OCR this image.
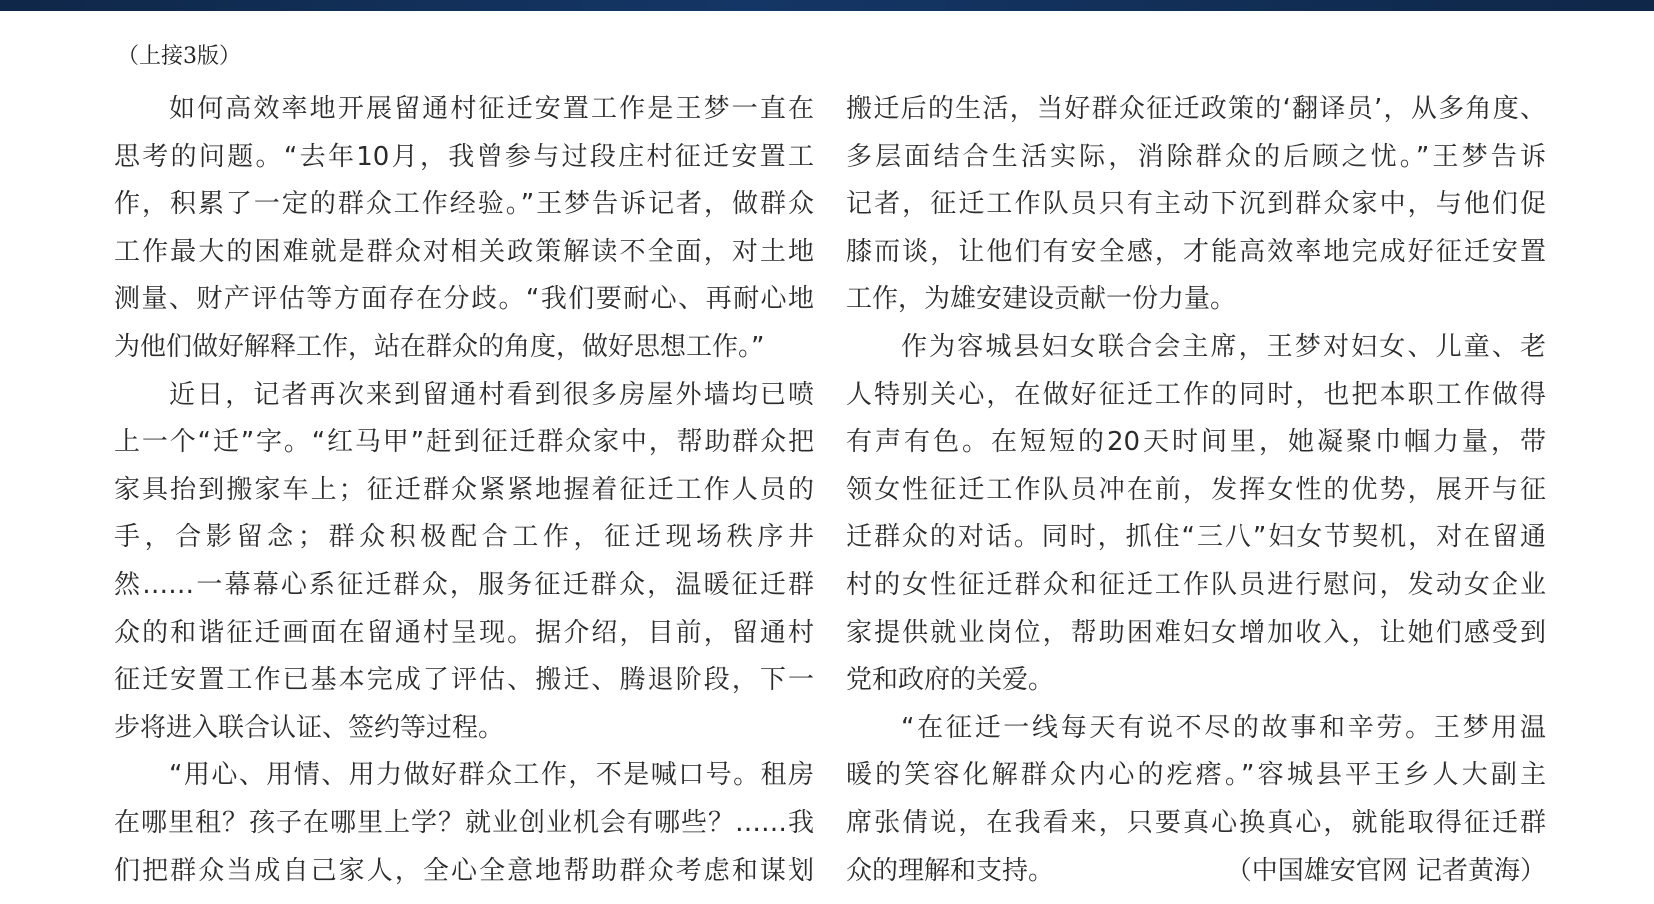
（上接3版）
如何高效率地开展留通村征迁安置工作是王梦一直在
思考的问题。“去年10月，我曾参与过段庄村征迁安置工
作，积累了一定的群众工作经验。”王梦告诉记者，做群众
工作最大的困难就是群众对相关政策解读不全面，对土地
测量、财产评估等方面存在分歧。“我们要耐心、再耐心地
为他们做好解释工作，站在群众的角度，做好思想工作。”
近日，记者再次来到留通村看到很多房屋外墙均已喷
上一个“迁”字。“红马甲”赶到征迁群众家中，帮助群众把
家具抬到搬家车上；征迁群众紧紧地握着征迁工作人员的
手，合影留念；群众积极配合工作，征迁现场秩序井
然……一幕幕心系征迁群众，服务征迁群众，温暖征迁群
众的和谐征迁画面在留通村呈现。据介绍，目前，留通村
征迁安置工作已基本完成了评估、搬迁、腾退阶段，下一
步将进入联合认证、签约等过程。
“用心、用情、用力做好群众工作，不是喊口号。租房
在哪里租？孩子在哪里上学？就业创业机会有哪些？……我
们把群众当成自己家人，全心全意地帮助群众考虑和谋划
搬迁后的生活，当好群众征迁政策的‘翻译员’，从多角度、
多层面结合生活实际，消除群众的后顾之忧。”王梦告诉
记者，征迁工作队员只有主动下沉到群众家中，与他们促
膝而谈，让他们有安全感，才能高效率地完成好征迁安置
工作，为雄安建设贡献一份力量。
作为容城县妇女联合会主席，王梦对妇女、儿童、老
人特别关心，在做好征迁工作的同时，也把本职工作做得
有声有色。在短短的20天时间里，她凝聚巾帼力量，带
领女性征迁工作队员冲在前，发挥女性的优势，展开与征
迁群众的对话。同时，抓住“三八”妇女节契机，对在留通
村的女性征迁群众和征迁工作队员进行慰问，发动女企业
家提供就业岗位，帮助困难妇女增加收入，让她们感受到
党和政府的关爱。
“在征迁一线每天有说不尽的故事和辛劳。王梦用温
暖的笑容化解群众内心的疙瘩。”容城县平王乡人大副主
席张倩说，在我看来，只要真心换真心，就能取得征迁群
众的理解和支持。	（中国雄安官网 记者黄海）
